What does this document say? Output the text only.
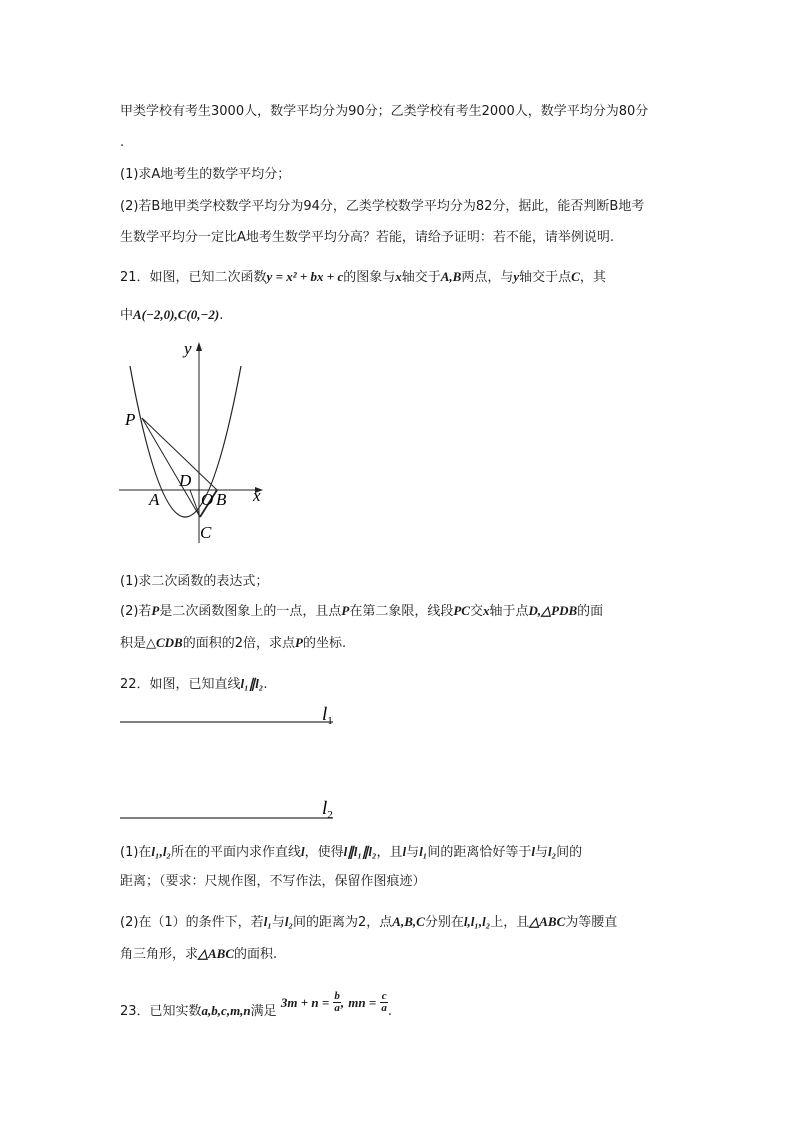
甲类学校有考生3000人，数学平均分为90分；乙类学校有考生2000人，数学平均分为80分
.
(1)求A地考生的数学平均分；
(2)若B地甲类学校数学平均分为94分，乙类学校数学平均分为82分，据此，能否判断B地考
生数学平均分一定比A地考生数学平均分高？若能，请给予证明：若不能，请举例说明.
21．如图，已知二次函数y = x² + bx + c的图象与x轴交于A,B两点，与y轴交于点C，其
中A(−2,0),C(0,−2).
y
x
P
D
A O B
C
(1)求二次函数的表达式；
(2)若P是二次函数图象上的一点，且点P在第二象限，线段PC交x轴于点D,△PDB的面
积是△CDB的面积的2倍，求点P的坐标.
22．如图，已知直线l₁∥l₂.
$l_1$
$l_2$
(1)在l₁,l₂所在的平面内求作直线l，使得l∥l₁∥l₂，且l与l₁间的距离恰好等于l与l₂间的
距离；（要求：尺规作图，不写作法，保留作图痕迹）
(2)在（1）的条件下，若l₁与l₂间的距离为2，点A,B,C分别在l,l₁,l₂上，且△ABC为等腰直
角三角形，求△ABC的面积.
23．已知实数a,b,c,m,n满足 $3m + n = \frac{b}{a}$ , mn = $\frac{c}{a}$ .
